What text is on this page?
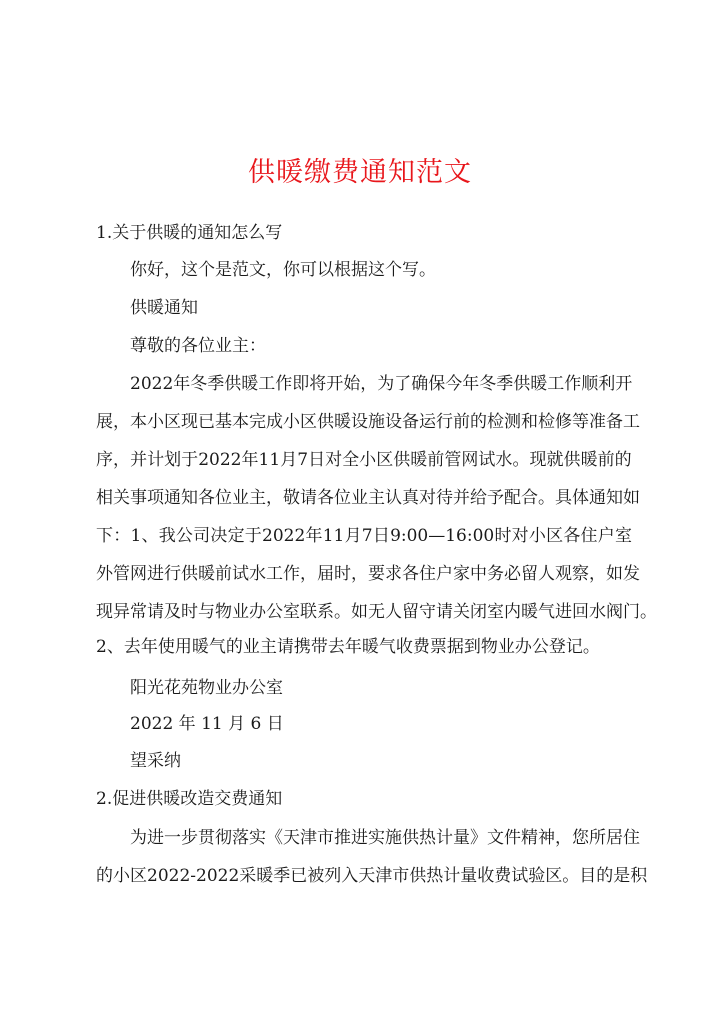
供暖缴费通知范文

1.关于供暖的通知怎么写

你好，这个是范文，你可以根据这个写。

供暖通知

尊敬的各位业主：

2022 年 冬 季 供 暖 工 作 即 将 开 始 ， 为 了 确 保 今 年 冬 季 供 暖 工 作 顺 利 开

展 ， 本 小 区 现 已 基 本 完 成 小 区 供 暖 设 施 设 备 运 行 前 的 检 测 和 检 修 等 准 备 工

序 ， 并 计 划 于 2022 年 11 月 7 日 对 全 小 区 供 暖 前 管 网 试 水 。 现 就 供 暖 前 的

相 关 事 项 通 知 各 位 业 主 ， 敬 请 各 位 业 主 认 真 对 待 并 给 予 配 合 。 具 体 通 知 如

下 ： 1 、 我 公 司 决 定 于 2022 年 11 月 7 日 9:00—16:00 时 对 小 区 各 住 户 室

外 管 网 进 行 供 暖 前 试 水 工 作 ， 届 时 ， 要 求 各 住 户 家 中 务 必 留 人 观 察 ， 如 发

现 异 常 请 及 时 与 物 业 办 公 室 联 系 。 如 无 人 留 守 请 关 闭 室 内 暖 气 进 回 水 阀 门 。

2、去年使用暖气的业主请携带去年暖气收费票据到物业办公登记。

阳光花苑物业办公室

2022 年 11 月 6 日

望采纳

2.促进供暖改造交费通知

为 进 一 步 贯 彻 落 实 《 天 津 市 推 进 实 施 供 热 计 量 》 文 件 精 神 ， 您 所 居 住

的 小 区 2022-2022 采 暖 季 已 被 列 入 天 津 市 供 热 计 量 收 费 试 验 区 。 目 的 是 积
